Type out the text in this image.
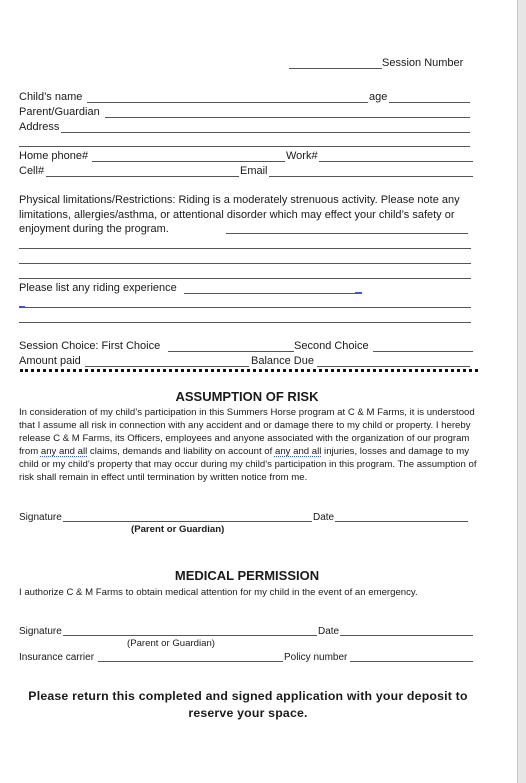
Session Number
Child’s name	age
Parent/Guardian
Address
Home phone#	Work#
Cell#	Email
Physical limitations/Restrictions: Riding is a moderately strenuous activity. Please note any limitations, allergies/asthma, or attentional disorder which may effect your child’s safety or enjoyment during the program.
Please list any riding experience
Session Choice: First Choice	Second Choice
Amount paid	Balance Due
ASSUMPTION OF RISK
In consideration of my child’s participation in this Summers Horse program at C & M Farms, it is understood that I assume all risk in connection with any accident and or damage there to my child or property. I hereby release C & M Farms, its Officers, employees and anyone associated with the organization of our program from any and all claims, demands and liability on account of any and all injuries, losses and damage to my child or my child’s property that may occur during my child’s participation in this program. The assumption of risk shall remain in effect until termination by written notice from me.
Signature	Date
(Parent or Guardian)
MEDICAL PERMISSION
I authorize C & M Farms to obtain medical attention for my child in the event of an emergency.
Signature	Date
(Parent or Guardian)
Insurance carrier	Policy number
Please return this completed and signed application with your deposit to reserve your space.
